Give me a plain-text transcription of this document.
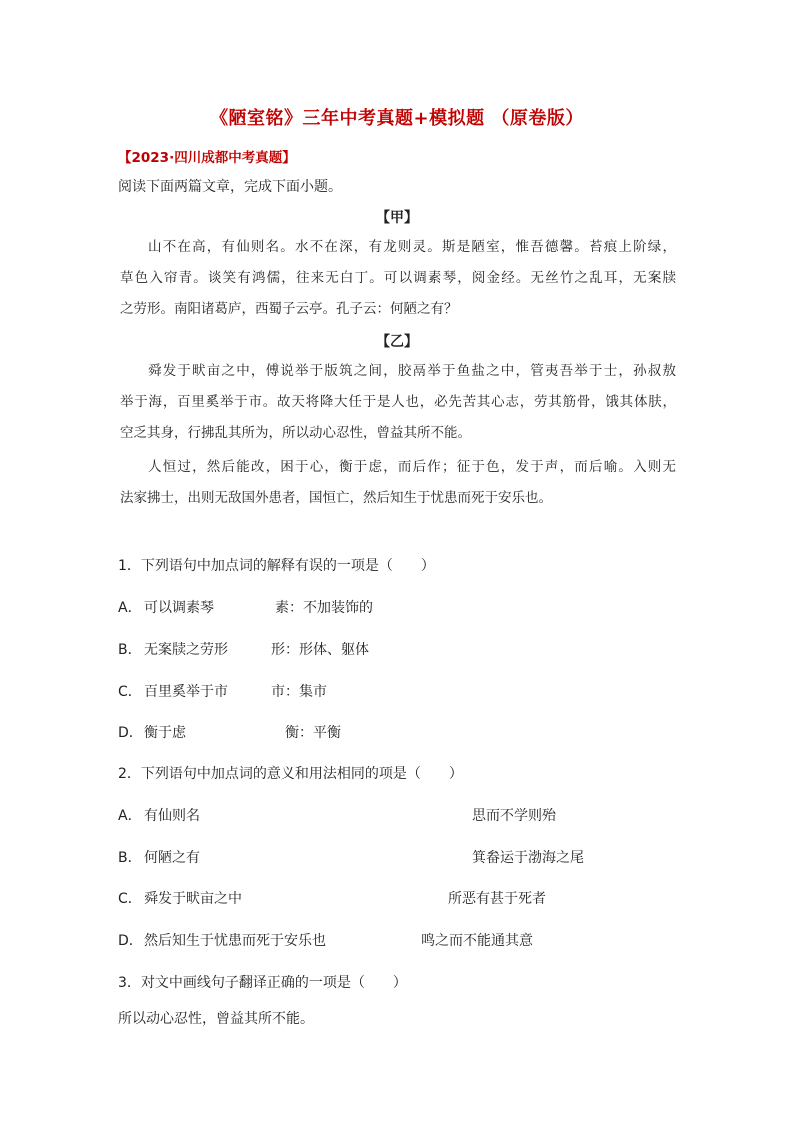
《陋室铭》三年中考真题+模拟题 （原卷版）
【2023·四川成都中考真题】
阅读下面两篇文章，完成下面小题。
【甲】
山不在高，有仙则名。水不在深，有龙则灵。斯是陋室，惟吾德馨。苔痕上阶绿，
草色入帘青。谈笑有鸿儒，往来无白丁。可以调素琴，阅金经。无丝竹之乱耳，无案牍
之劳形。南阳诸葛庐，西蜀子云亭。孔子云：何陋之有？
【乙】
舜发于畎亩之中，傅说举于版筑之间，胶鬲举于鱼盐之中，管夷吾举于士，孙叔敖
举于海，百里奚举于市。故天将降大任于是人也，必先苦其心志，劳其筋骨，饿其体肤，
空乏其身，行拂乱其所为，所以动心忍性，曾益其所不能。
人恒过，然后能改，困于心，衡于虑，而后作；征于色，发于声，而后喻。入则无
法家拂士，出则无敌国外患者，国恒亡，然后知生于忧患而死于安乐也。
1．下列语句中加点词的解释有误的一项是（　　）
A． 可以调素琴	素：不加装饰的
B． 无案牍之劳形	形：形体、躯体
C． 百里奚举于市	市：集市
D． 衡于虑	衡：平衡
2．下列语句中加点词的意义和用法相同的项是（　　）
A． 有仙则名	思而不学则殆
B． 何陋之有	箕畚运于渤海之尾
C． 舜发于畎亩之中	所恶有甚于死者
D． 然后知生于忧患而死于安乐也	鸣之而不能通其意
3．对文中画线句子翻译正确的一项是（　　）
所以动心忍性，曾益其所不能。
